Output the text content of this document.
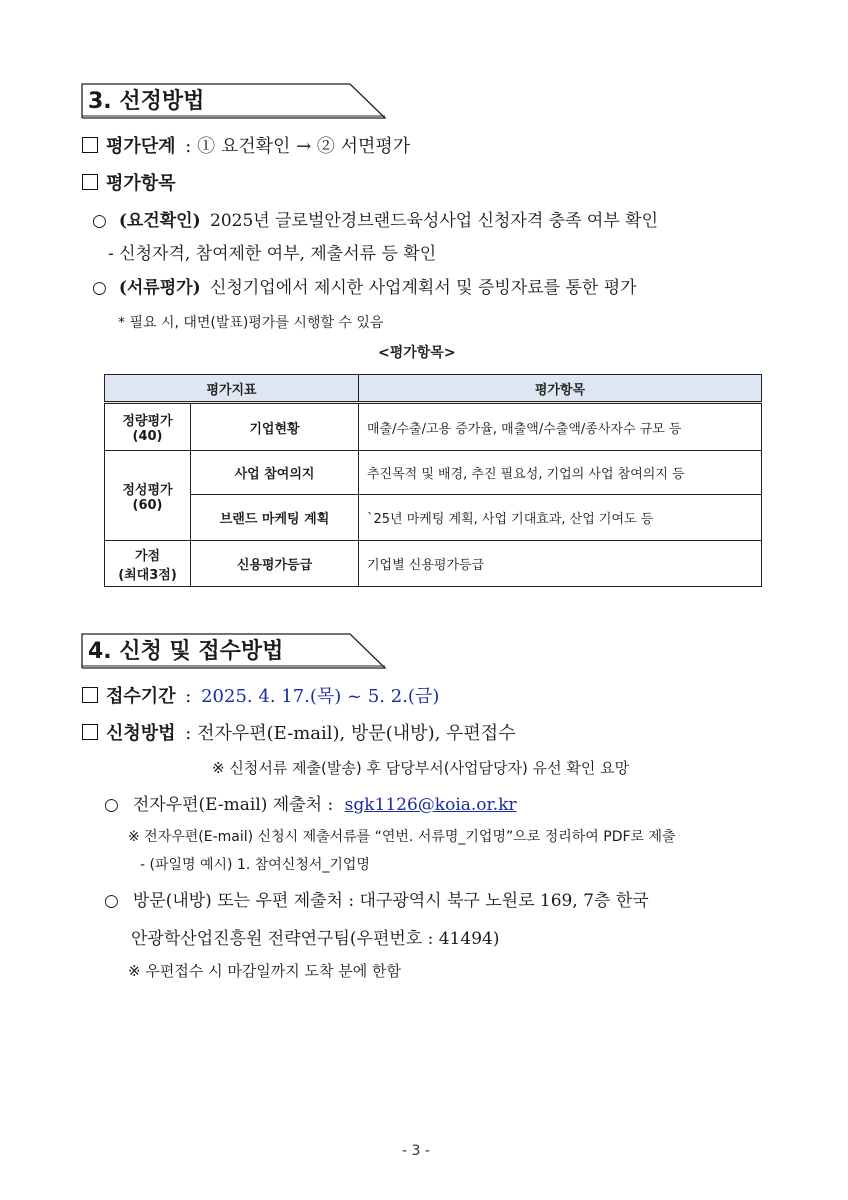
3. 선정방법
평가단계 : ① 요건확인 → ② 서면평가
평가항목
○ (요건확인) 2025년 글로벌안경브랜드육성사업 신청자격 충족 여부 확인
- 신청자격, 참여제한 여부, 제출서류 등 확인
○ (서류평가) 신청기업에서 제시한 사업계획서 및 증빙자료를 통한 평가
* 필요 시, 대면(발표)평가를 시행할 수 있음
<평가항목>
평가지표		평가항목
정량평가
(40)	기업현황	매출/수출/고용 증가율, 매출액/수출액/종사자수 규모 등
정성평가
(60)	사업 참여의지	추진목적 및 배경, 추진 필요성, 기업의 사업 참여의지 등
	브랜드 마케팅 계획	`25년 마케팅 계획, 사업 기대효과, 산업 기여도 등
가점
(최대3점)	신용평가등급	기업별 신용평가등급
4. 신청 및 접수방법
접수기간 : 2025. 4. 17.(목) ~ 5. 2.(금)
신청방법 : 전자우편(E-mail), 방문(내방), 우편접수
※ 신청서류 제출(발송) 후 담당부서(사업담당자) 유선 확인 요망
○ 전자우편(E-mail) 제출처 : sgk1126@koia.or.kr
※ 전자우편(E-mail) 신청시 제출서류를 “연번. 서류명_기업명”으로 정리하여 PDF로 제출
- (파일명 예시) 1. 참여신청서_기업명
○ 방문(내방) 또는 우편 제출처 : 대구광역시 북구 노원로 169, 7층 한국
안광학산업진흥원 전략연구팀(우편번호 : 41494)
※ 우편접수 시 마감일까지 도착 분에 한함
- 3 -
